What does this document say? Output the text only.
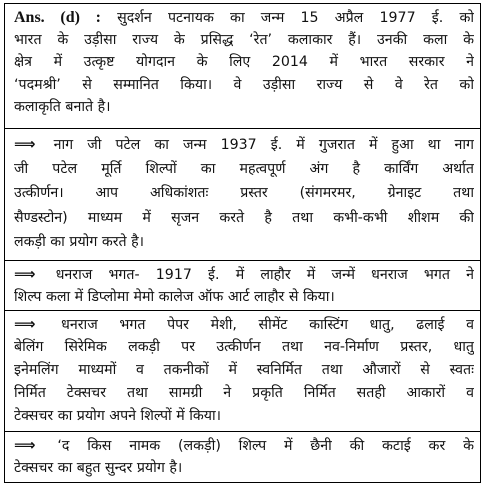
Ans. (d) : सुदर्शन पटनायक का जन्म 15 अप्रैल 1977 ई. को
भारत के उड़ीसा राज्य के प्रसिद्ध ‘रेत’ कलाकार हैं। उनकी कला के
क्षेत्र में उत्कृष्ट योगदान के लिए 2014 में भारत सरकार ने
‘पदमश्री’ से सम्मानित किया। वे उड़ीसा राज्य से वे रेत को
कलाकृति बनाते है।
⟹ नाग जी पटेल का जन्म 1937 ई. में गुजरात में हुआ था नाग
जी पटेल मूर्ति शिल्पों का महत्वपूर्ण अंग है कार्विंग अर्थात
उत्कीर्णन। आप अधिकांशतः प्रस्तर (संगमरमर, ग्रेनाइट तथा
सैण्डस्टोन) माध्यम में सृजन करते है तथा कभी-कभी शीशम की
लकड़ी का प्रयोग करते है।
⟹ धनराज भगत- 1917 ई. में लाहौर में जन्में धनराज भगत ने
शिल्प कला में डिप्लोमा मेमो कालेज ऑफ आर्ट लाहौर से किया।
⟹ धनराज भगत पेपर मेशी, सीमेंट कास्टिंग धातु, ढलाई व
बेलिंग सिरेमिक लकड़ी पर उत्कीर्णन तथा नव-निर्माण प्रस्तर, धातु
इनेमलिंग माध्यमों व तकनीकों में स्वनिर्मित तथा औजारों से स्वतः
निर्मित टेक्सचर तथा सामग्री ने प्रकृति निर्मित सतही आकारों व
टेक्सचर का प्रयोग अपने शिल्पों में किया।
⟹ ‘द किस नामक (लकड़ी) शिल्प में छैनी की कटाई कर के
टेक्सचर का बहुत सुन्दर प्रयोग है।
